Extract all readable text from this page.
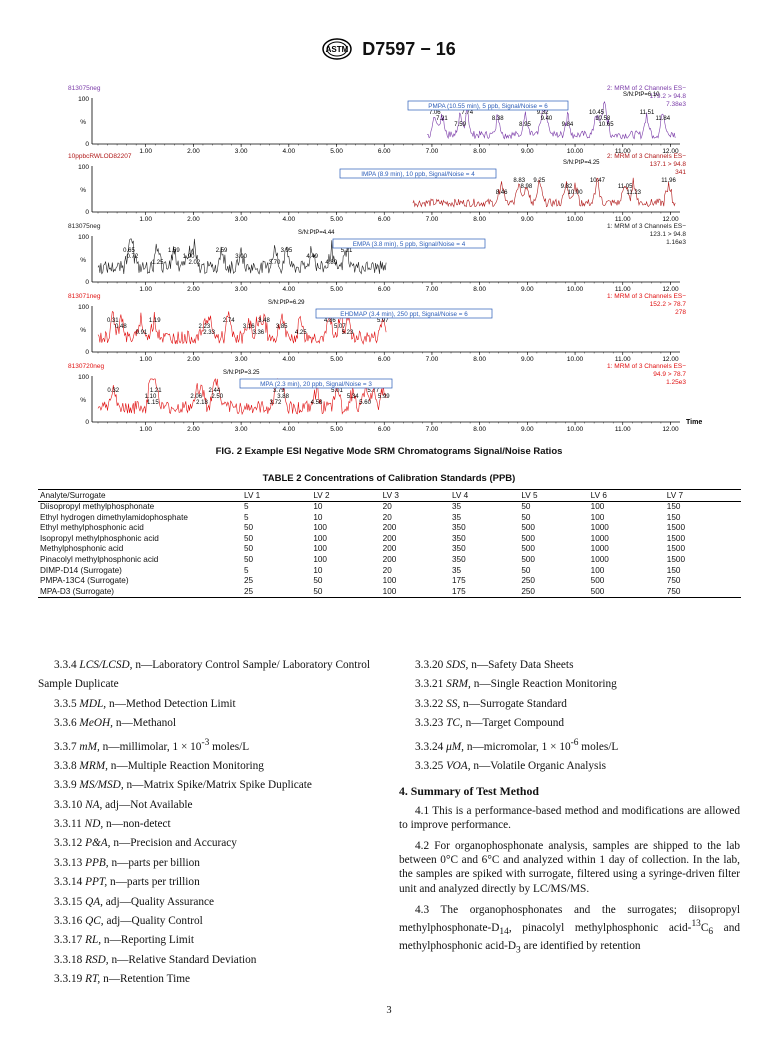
ASTM D7597 − 16
813075neg	2: MRM of 2 Channels ES−
179.2 > 94.8
7.38e3
100
0
%
1.00	2.00	3.00	4.00	5.00	6.00	7.00	8.00	9.00	10.00	11.00	12.00
7.06
7.21
7.59
7.74
8.38
8.95
9.32
9.40
9.84
10.45
10.58
10.65
11.51
11.84
S/N:PtP=6.10
PMPA (10.55 min), 5 ppb, Signal/Noise = 6
10ppbcRWLOD82207	2: MRM of 3 Channels ES−
137.1 > 94.8
341
100
0
%
1.00	2.00	3.00	4.00	5.00	6.00	7.00	8.00	9.00	10.00	11.00	12.00
8.83
8.98
8.46
9.25
9.82
10.00
10.47
11.05
11.23
11.96
S/N:PtP=4.25
IMPA (8.9 min), 10 ppb, Signal/Noise = 4
813075neg	1: MRM of 3 Channels ES−
123.1 > 94.8
1.16e3
100
0
%
1.00	2.00	3.00	4.00	5.00	6.00	7.00	8.00	9.00	10.00	11.00	12.00
0.65
0.72
1.25
1.59
1.90
2.02
2.59
3.00
3.70
3.95
4.49
4.89
5.21
S/N:PtP=4.44
EMPA (3.8 min), 5 ppb, Signal/Noise = 4
813071neg	1: MRM of 3 Channels ES−
152.2 > 78.7
278
100
0
%
1.00	2.00	3.00	4.00	5.00	6.00	7.00	8.00	9.00	10.00	11.00	12.00
0.31
0.48
0.91
1.19
2.23
2.33
2.74
3.16
3.36
3.48
3.85
4.25
4.86
5.07
5.23
5.97
S/N:PtP=6.29
EHDMAP (3.4 min), 250 ppt, Signal/Noise = 6
8130720neg	1: MRM of 3 Channels ES−
94.9 > 78.7
1.25e3
100
0
%
1.00	2.00	3.00	4.00	5.00	6.00	7.00	8.00	9.00	10.00	11.00	12.00
0.32
1.10
1.15
1.21
2.06
2.18
2.44
2.50
3.72
3.79
3.88
4.58
5.01
5.34
5.60
5.77
5.99
S/N:PtP=3.25
MPA (2.3 min), 20 ppb, Signal/Noise = 3
Time
FIG. 2 Example ESI Negative Mode SRM Chromatograms Signal/Noise Ratios
TABLE 2 Concentrations of Calibration Standards (PPB)
Analyte/Surrogate	LV 1	LV 2	LV 3	LV 4	LV 5	LV 6	LV 7
Diisopropyl methylphosphonate	5	10	20	35	50	100	150
Ethyl hydrogen dimethylamidophosphate	5	10	20	35	50	100	150
Ethyl methylphosphonic acid	50	100	200	350	500	1000	1500
Isopropyl methylphosphonic acid	50	100	200	350	500	1000	1500
Methylphosphonic acid	50	100	200	350	500	1000	1500
Pinacolyl methylphosphonic acid	50	100	200	350	500	1000	1500
DIMP-D14 (Surrogate)	5	10	20	35	50	100	150
PMPA-13C4 (Surrogate)	25	50	100	175	250	500	750
MPA-D3 (Surrogate)	25	50	100	175	250	500	750
3.3.4 LCS/LCSD, n—Laboratory Control Sample/ Laboratory Control Sample Duplicate
3.3.5 MDL, n—Method Detection Limit
3.3.6 MeOH, n—Methanol
3.3.7 mM, n—millimolar, $1 \times 10^{-3}$ moles/L
3.3.8 MRM, n—Multiple Reaction Monitoring
3.3.9 MS/MSD, n—Matrix Spike/Matrix Spike Duplicate
3.3.10 NA, adj—Not Available
3.3.11 ND, n—non-detect
3.3.12 P&A, n—Precision and Accuracy
3.3.13 PPB, n—parts per billion
3.3.14 PPT, n—parts per trillion
3.3.15 QA, adj—Quality Assurance
3.3.16 QC, adj—Quality Control
3.3.17 RL, n—Reporting Limit
3.3.18 RSD, n—Relative Standard Deviation
3.3.19 RT, n—Retention Time
3.3.20 SDS, n—Safety Data Sheets
3.3.21 SRM, n—Single Reaction Monitoring
3.3.22 SS, n—Surrogate Standard
3.3.23 TC, n—Target Compound
3.3.24 μM, n—micromolar, $1 \times 10^{-6}$ moles/L
3.3.25 VOA, n—Volatile Organic Analysis
4. Summary of Test Method
4.1 This is a performance-based method and modifications are allowed to improve performance.
4.2 For organophosphonate analysis, samples are shipped to the lab between 0°C and 6°C and analyzed within 1 day of collection. In the lab, the samples are spiked with surrogate, filtered using a syringe-driven filter unit and analyzed directly by LC/MS/MS.
4.3 The organophosphonates and the surrogates; diisopropyl methylphosphonate-$D_{14}$, pinacolyl methylphosphonic acid-$^{13}C_6$ and methylphosphonic acid-$D_3$ are identified by retention
3
